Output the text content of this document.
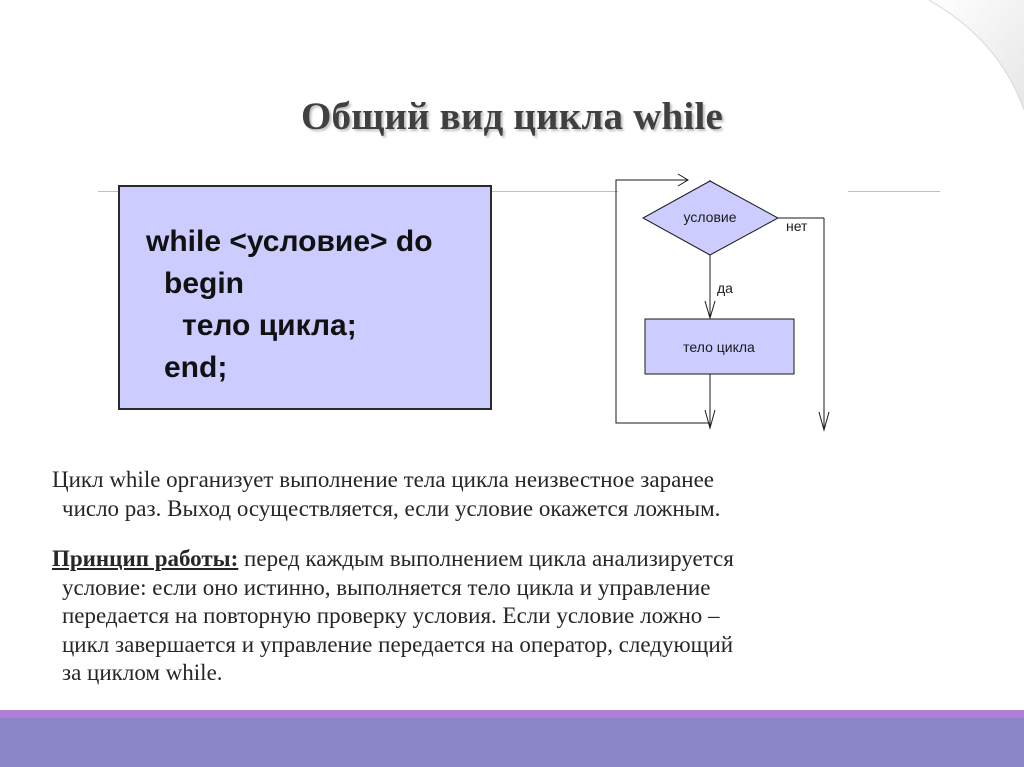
Общий вид цикла while
while <условие> do
begin
тело цикла;
end;
условие
нет
да
тело цикла
Цикл while организует выполнение тела цикла неизвестное заранее
число раз. Выход осуществляется, если условие окажется ложным.
Принцип работы: перед каждым выполнением цикла анализируется
условие: если оно истинно, выполняется тело цикла и управление
передается на повторную проверку условия. Если условие ложно –
цикл завершается и управление передается на оператор, следующий
за циклом while.
